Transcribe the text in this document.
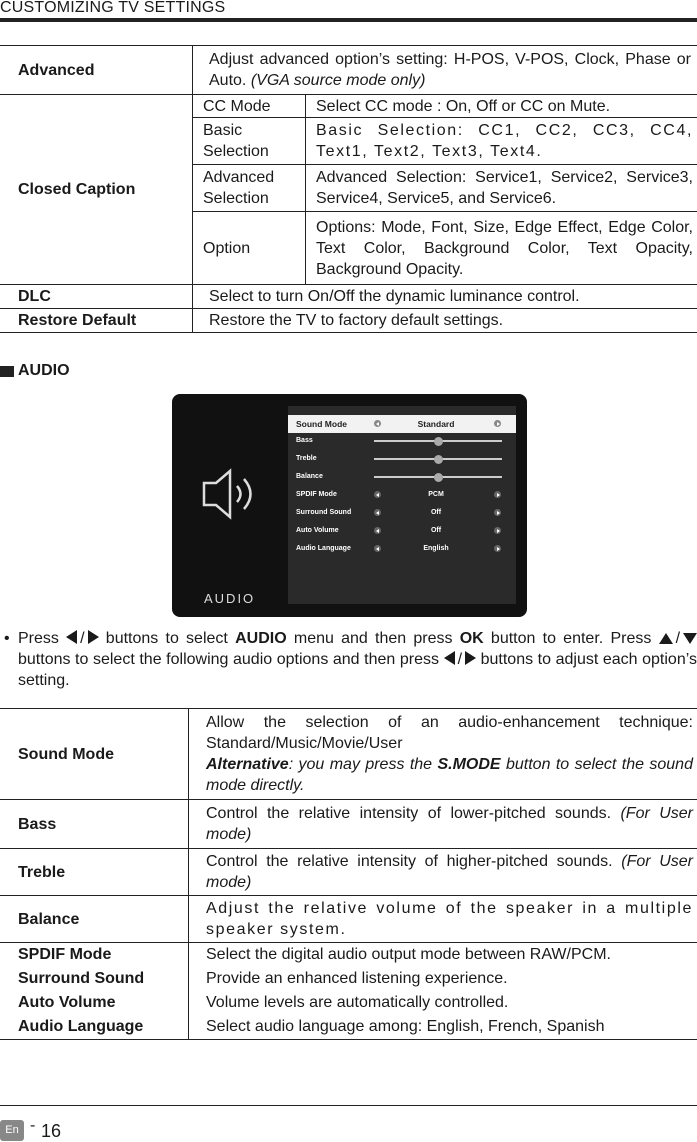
CUSTOMIZING TV SETTINGS
Advanced	Adjust advanced option’s setting: H-POS, V-POS, Clock, Phase or Auto. (VGA source mode only)	
Closed Caption	CC Mode	Select CC mode : On, Off or CC on Mute.
	Basic Selection	Basic Selection: CC1, CC2, CC3, CC4, Text1, Text2, Text3, Text4.
	Advanced Selection	Advanced Selection: Service1, Service2, Service3, Service4, Service5, and Service6.
	Option	Options: Mode, Font, Size, Edge Effect, Edge Color, Text Color, Background Color, Text Opacity, Background Opacity.
DLC	Select to turn On/Off the dynamic luminance control.	
Restore Default	Restore the TV to factory default settings.	
AUDIO
AUDIO
Sound Mode	Standard
Bass
Treble
Balance
SPDIF Mode	PCM
Surround Sound	Off
Auto Volume	Off
Audio Language	English
• Press / buttons to select AUDIO menu and then press OK button to enter. Press / buttons to select the following audio options and then press / buttons to adjust each option’s setting.
Sound Mode	Allow the selection of an audio-enhancement technique: Standard/Music/Movie/User
Alternative: you may press the S.MODE button to select the sound mode directly.
Bass	Control the relative intensity of lower-pitched sounds. (For User mode)
Treble	Control the relative intensity of higher-pitched sounds. (For User mode)
Balance	Adjust the relative volume of the speaker in a multiple speaker system.
SPDIF Mode	Select the digital audio output mode between RAW/PCM.
Surround Sound	Provide an enhanced listening experience.
Auto Volume	Volume levels are automatically controlled.
Audio Language	Select audio language among: English, French, Spanish
En - 16
